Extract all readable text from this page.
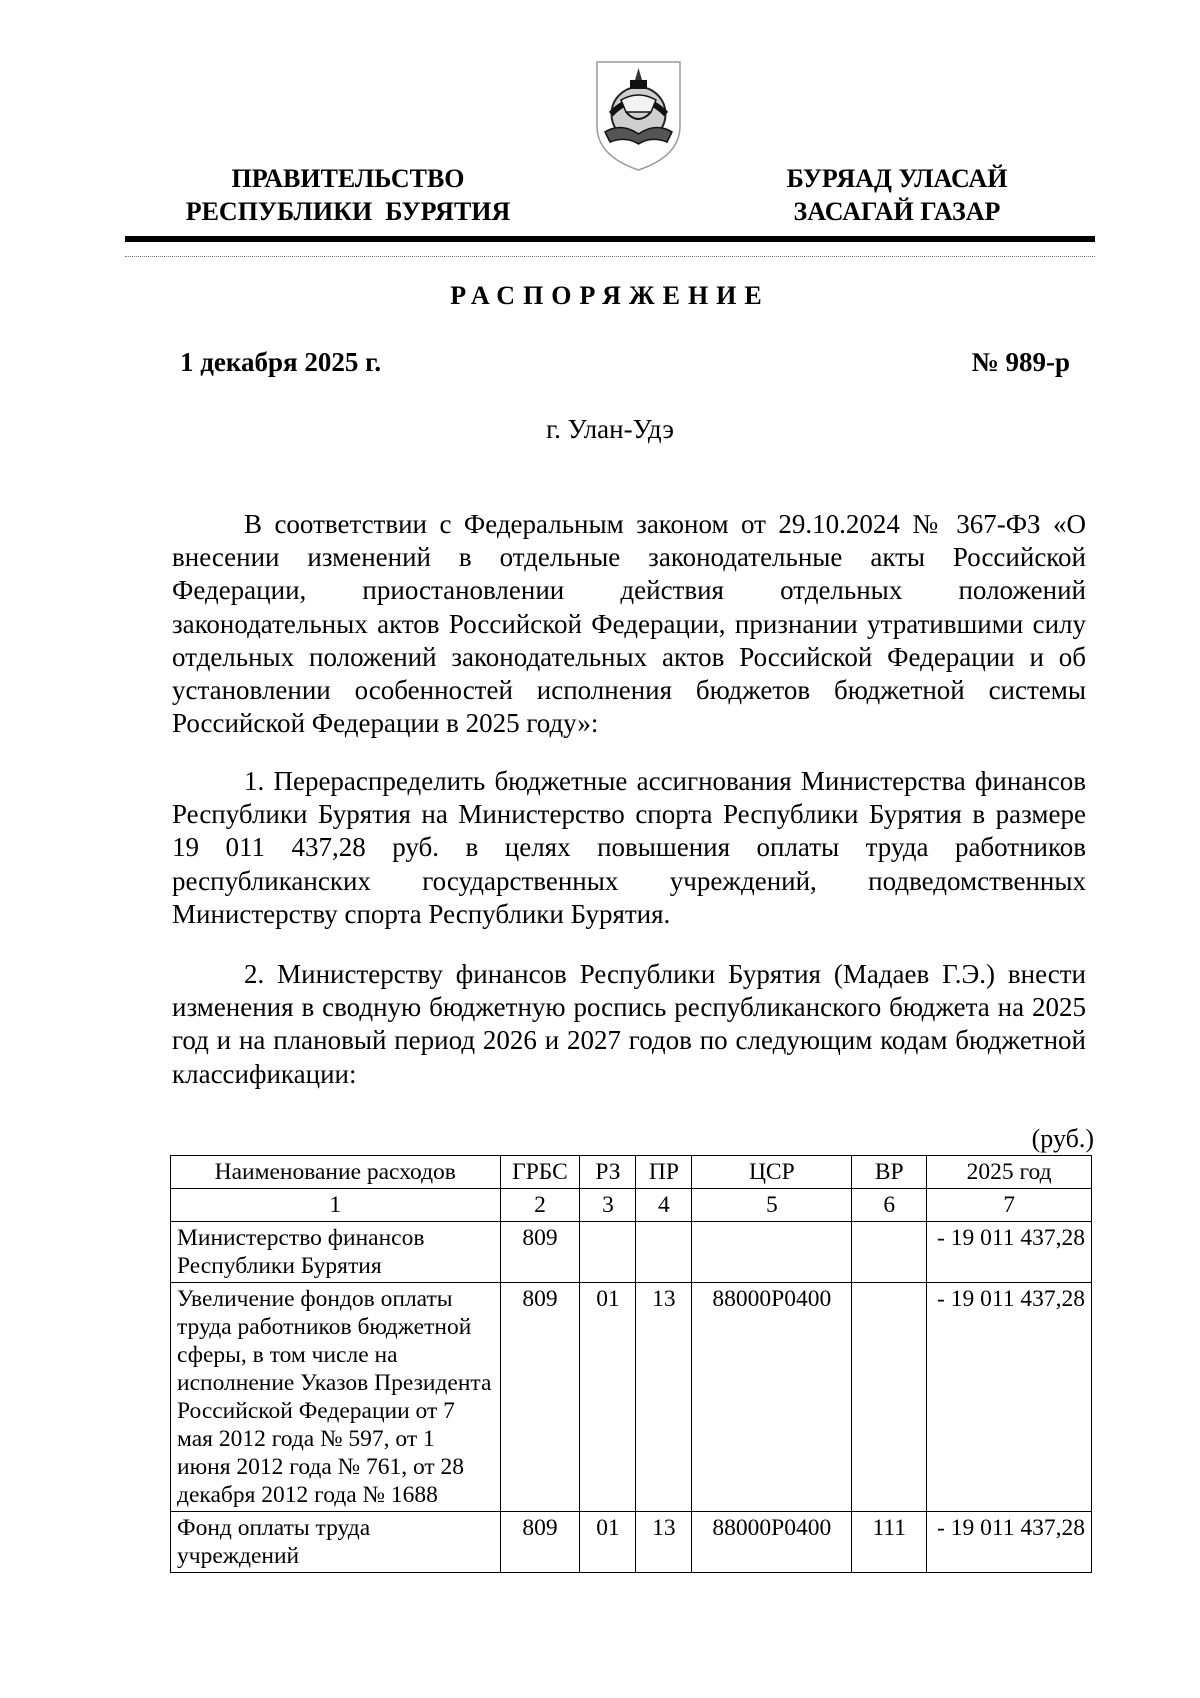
ПРАВИТЕЛЬСТВО
РЕСПУБЛИКИ  БУРЯТИЯ
БУРЯАД УЛАСАЙ
ЗАСАГАЙ ГАЗАР
РАСПОРЯЖЕНИЕ
1 декабря 2025 г.	№ 989-р
г. Улан-Удэ

В соответствии с Федеральным законом от 29.10.2024 № 367-ФЗ «О внесении изменений в отдельные законодательные акты Российской Федерации, приостановлении действия отдельных положений законодательных актов Российской Федерации, признании утратившими силу отдельных положений законодательных актов Российской Федерации и об установлении особенностей исполнения бюджетов бюджетной системы Российской Федерации в 2025 году»:

1. Перераспределить бюджетные ассигнования Министерства финансов Республики Бурятия на Министерство спорта Республики Бурятия в размере 19 011 437,28 руб. в целях повышения оплаты труда работников республиканских государственных учреждений, подведомственных Министерству спорта Республики Бурятия.

2. Министерству финансов Республики Бурятия (Мадаев Г.Э.) внести изменения в сводную бюджетную роспись республиканского бюджета на 2025 год и на плановый период 2026 и 2027 годов по следующим кодам бюджетной классификации:

(руб.)
Наименование расходов	ГРБС	РЗ	ПР	ЦСР	ВР	2025 год
1	2	3	4	5	6	7
Министерство финансов Республики Бурятия	809					- 19 011 437,28
Увеличение фондов оплаты труда работников бюджетной сферы, в том числе на исполнение Указов Президента Российской Федерации от 7 мая 2012 года № 597, от 1 июня 2012 года № 761, от 28 декабря 2012 года № 1688	809	01	13	88000Р0400		- 19 011 437,28
Фонд оплаты труда учреждений	809	01	13	88000Р0400	111	- 19 011 437,28
